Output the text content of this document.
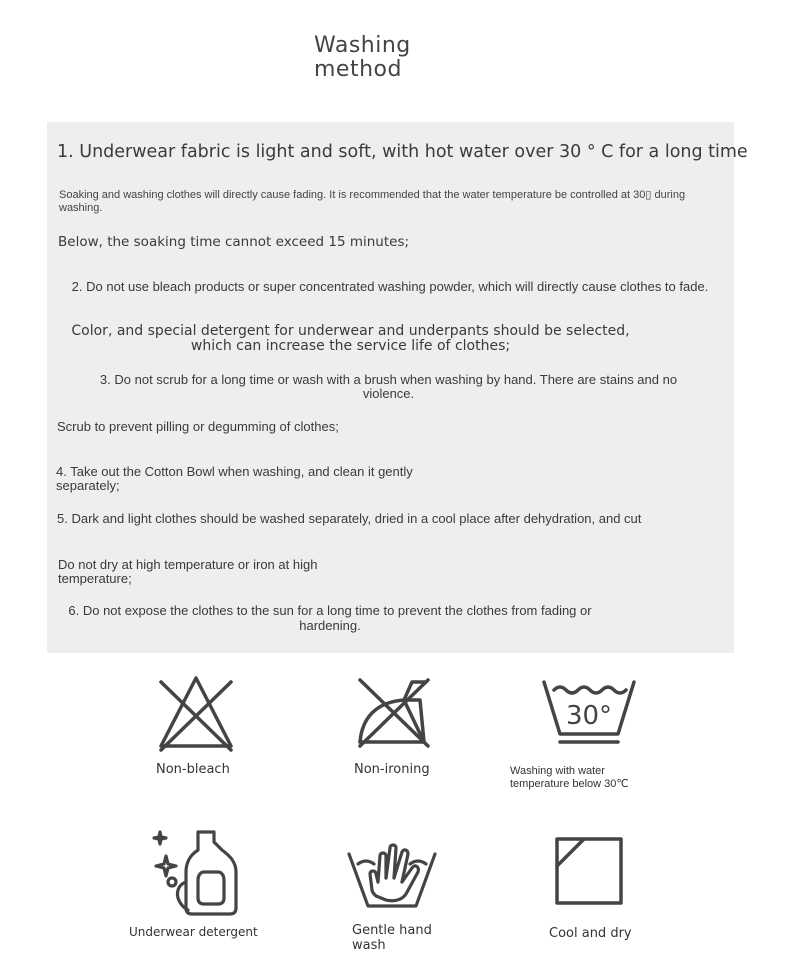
Washing
method
1. Underwear fabric is light and soft, with hot water over 30 ° C for a long time
Soaking and washing clothes will directly cause fading. It is recommended that the water temperature be controlled at 30▯ during washing.
Below, the soaking time cannot exceed 15 minutes;
2. Do not use bleach products or super concentrated washing powder, which will directly cause clothes to fade.
Color, and special detergent for underwear and underpants should be selected, which can increase the service life of clothes;
3. Do not scrub for a long time or wash with a brush when washing by hand. There are stains and no violence.
Scrub to prevent pilling or degumming of clothes;
4. Take out the Cotton Bowl when washing, and clean it gently separately;
5. Dark and light clothes should be washed separately, dried in a cool place after dehydration, and cut
Do not dry at high temperature or iron at high temperature;
6. Do not expose the clothes to the sun for a long time to prevent the clothes from fading or hardening.
Non-bleach	Non-ironing
30°
Washing with water temperature below 30℃
Underwear detergent	Gentle hand wash
Cool and dry
